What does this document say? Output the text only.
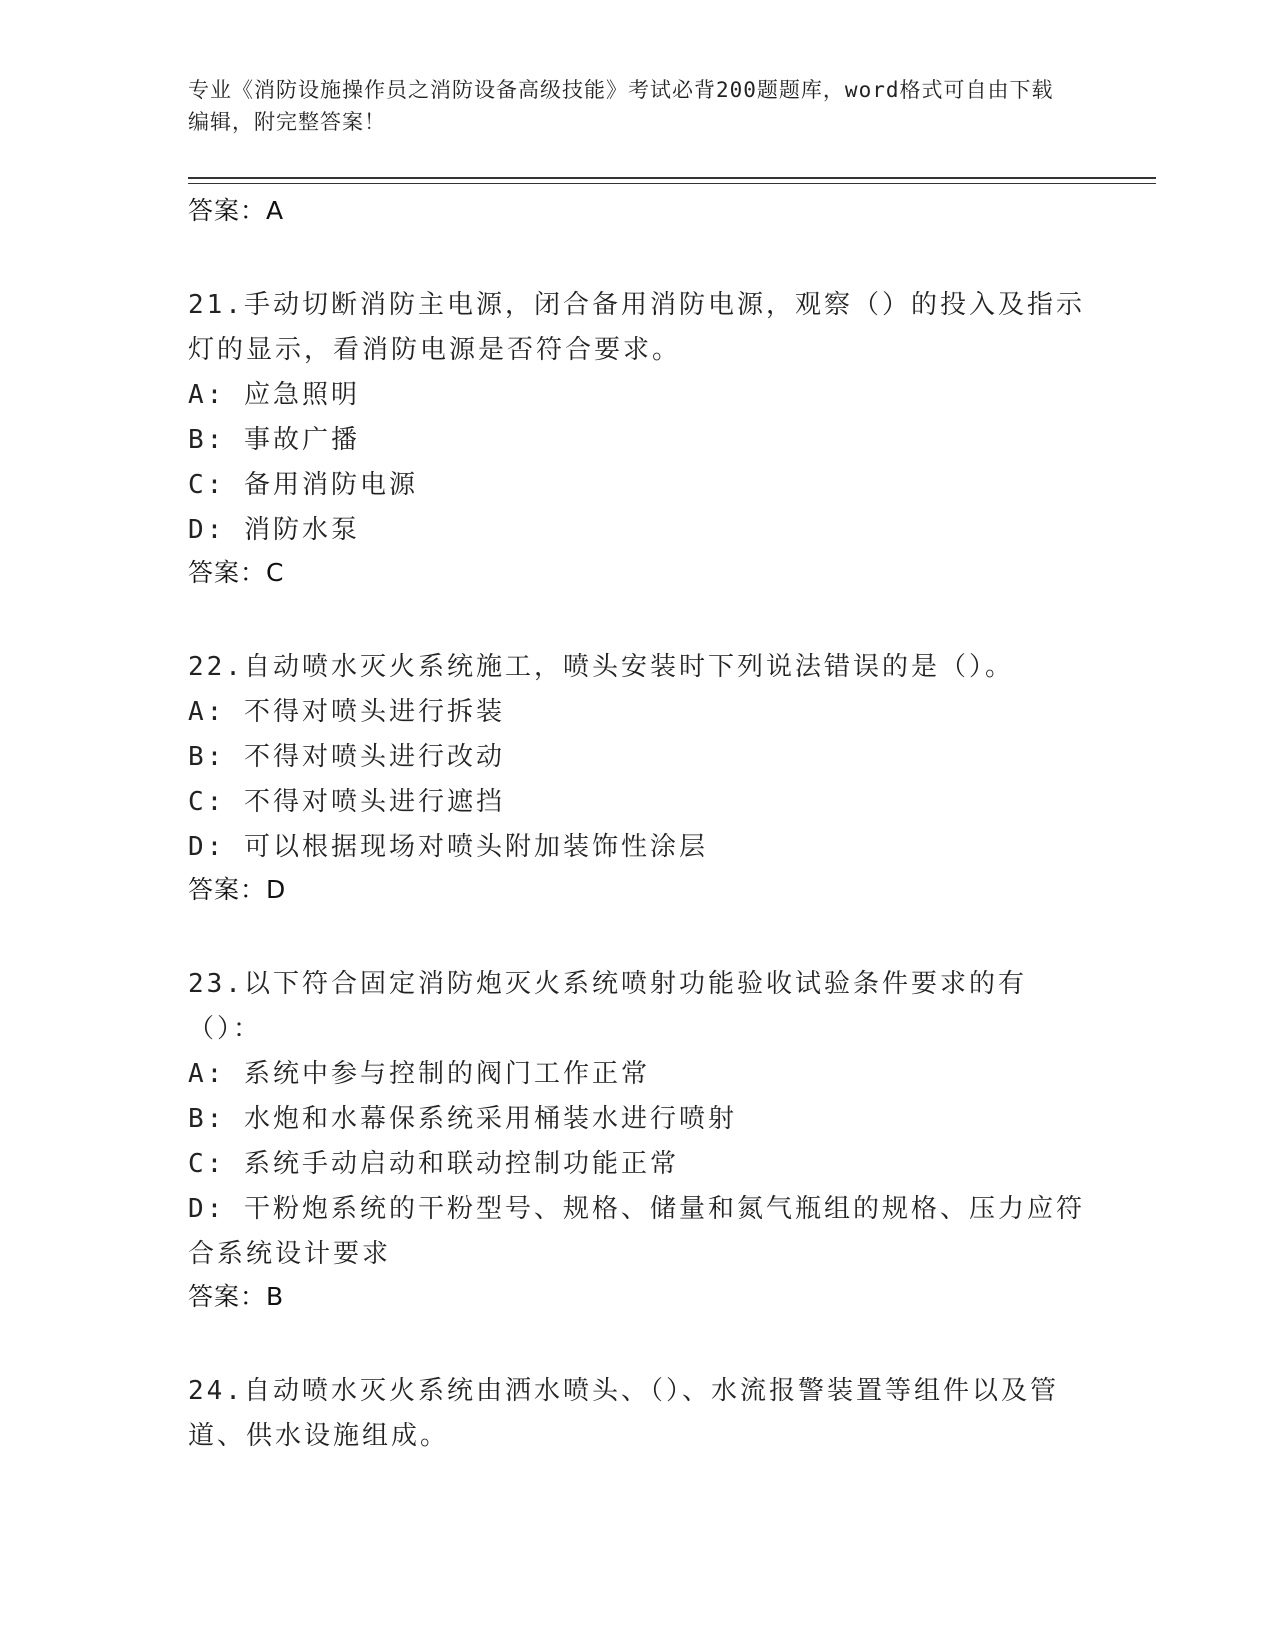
专业《消防设施操作员之消防设备高级技能》考试必背200题题库，word格式可自由下载编辑，附完整答案！
答案：A
21.手动切断消防主电源，闭合备用消防电源，观察（）的投入及指示灯的显示，看消防电源是否符合要求。
A: 应急照明
B: 事故广播
C: 备用消防电源
D: 消防水泵
答案：C
22.自动喷水灭火系统施工，喷头安装时下列说法错误的是（）。
A: 不得对喷头进行拆装
B: 不得对喷头进行改动
C: 不得对喷头进行遮挡
D: 可以根据现场对喷头附加装饰性涂层
答案：D
23.以下符合固定消防炮灭火系统喷射功能验收试验条件要求的有（）：
A: 系统中参与控制的阀门工作正常
B: 水炮和水幕保系统采用桶装水进行喷射
C: 系统手动启动和联动控制功能正常
D: 干粉炮系统的干粉型号、规格、储量和氮气瓶组的规格、压力应符合系统设计要求
答案：B
24.自动喷水灭火系统由洒水喷头、（）、水流报警装置等组件以及管道、供水设施组成。
